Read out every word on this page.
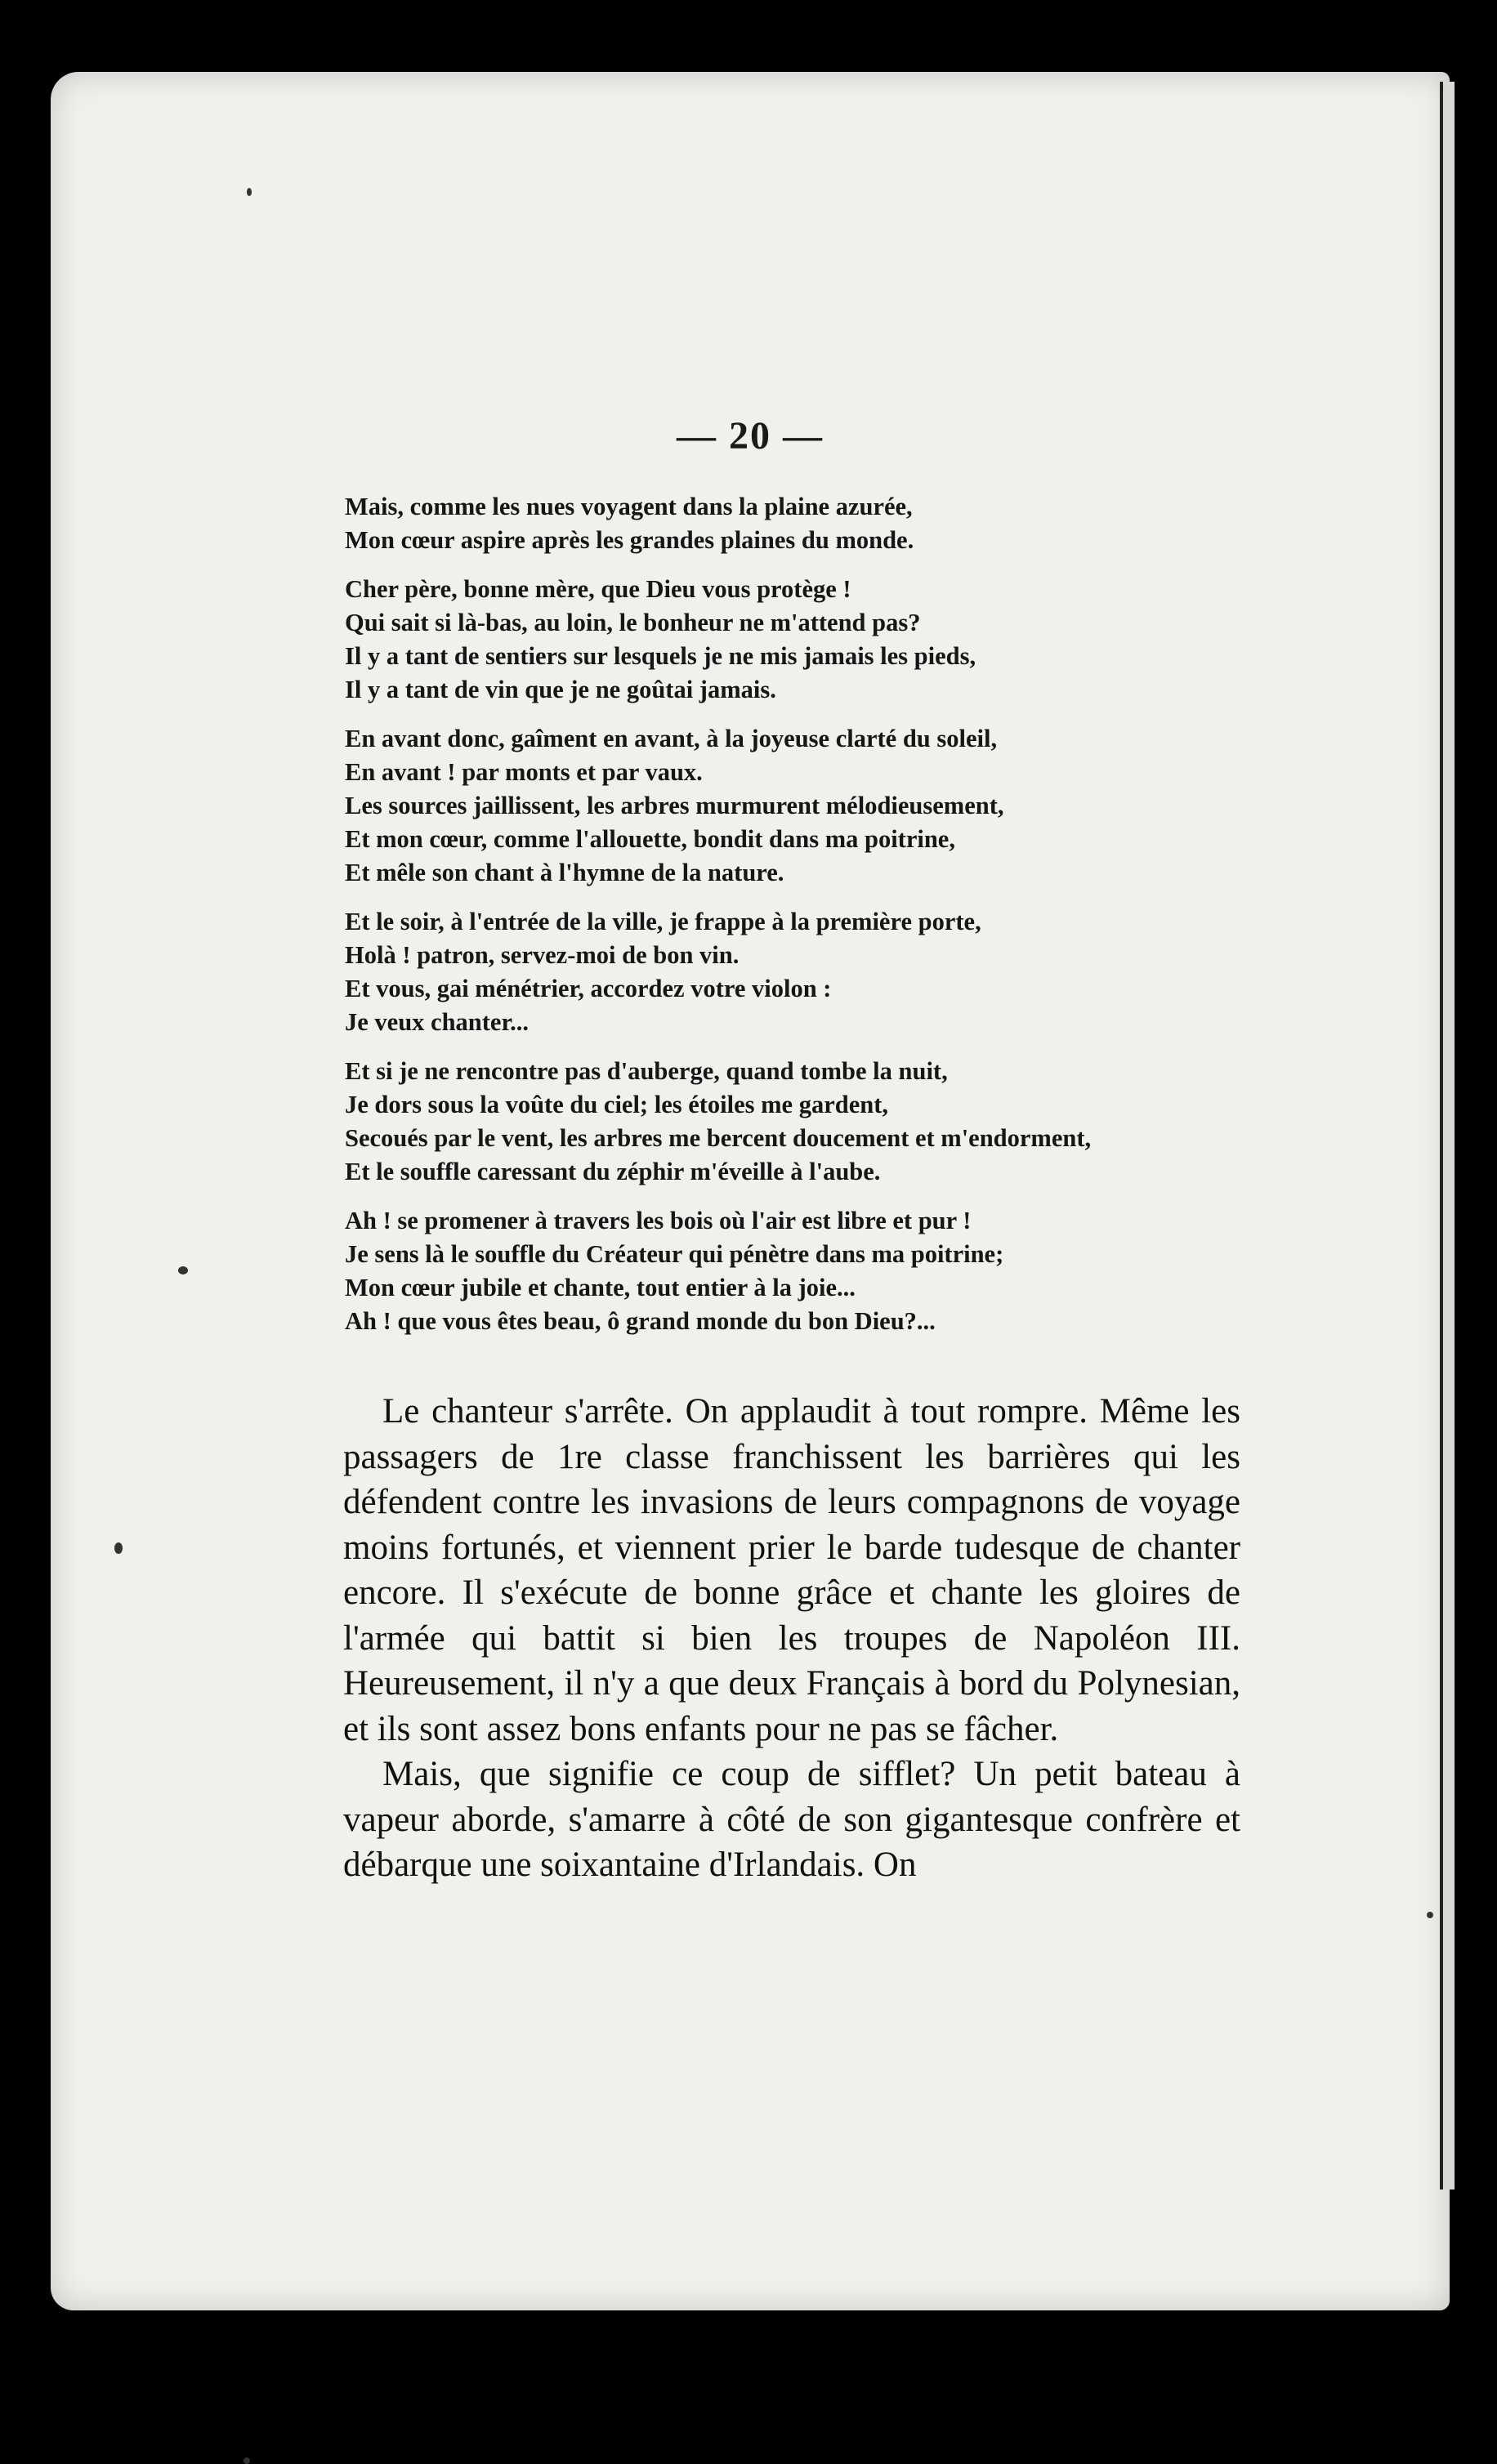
— 20 —

Mais, comme les nues voyagent dans la plaine azurée,

Mon cœur aspire après les grandes plaines du monde.

Cher père, bonne mère, que Dieu vous protège !

Qui sait si là-bas, au loin, le bonheur ne m'attend pas?

Il y a tant de sentiers sur lesquels je ne mis jamais les pieds,

Il y a tant de vin que je ne goûtai jamais.

En avant donc, gaîment en avant, à la joyeuse clarté du soleil,

En avant ! par monts et par vaux.

Les sources jaillissent, les arbres murmurent mélodieusement,

Et mon cœur, comme l'allouette, bondit dans ma poitrine,

Et mêle son chant à l'hymne de la nature.

Et le soir, à l'entrée de la ville, je frappe à la première porte,

Holà ! patron, servez-moi de bon vin.

Et vous, gai ménétrier, accordez votre violon :

Je veux chanter...

Et si je ne rencontre pas d'auberge, quand tombe la nuit,

Je dors sous la voûte du ciel; les étoiles me gardent,

Secoués par le vent, les arbres me bercent doucement et m'endorment,

Et le souffle caressant du zéphir m'éveille à l'aube.

Ah ! se promener à travers les bois où l'air est libre et pur !

Je sens là le souffle du Créateur qui pénètre dans ma poitrine;

Mon cœur jubile et chante, tout entier à la joie...

Ah ! que vous êtes beau, ô grand monde du bon Dieu?...

Le chanteur s'arrête. On applaudit à tout rompre. Même les passagers de 1re classe franchissent les barrières qui les défendent contre les invasions de leurs compagnons de voyage moins fortunés, et viennent prier le barde tudesque de chanter encore. Il s'exécute de bonne grâce et chante les gloires de l'armée qui battit si bien les troupes de Napoléon III. Heureusement, il n'y a que deux Français à bord du Polynesian, et ils sont assez bons enfants pour ne pas se fâcher.

Mais, que signifie ce coup de sifflet? Un petit bateau à vapeur aborde, s'amarre à côté de son gigantesque confrère et débarque une soixantaine d'Irlandais. On
